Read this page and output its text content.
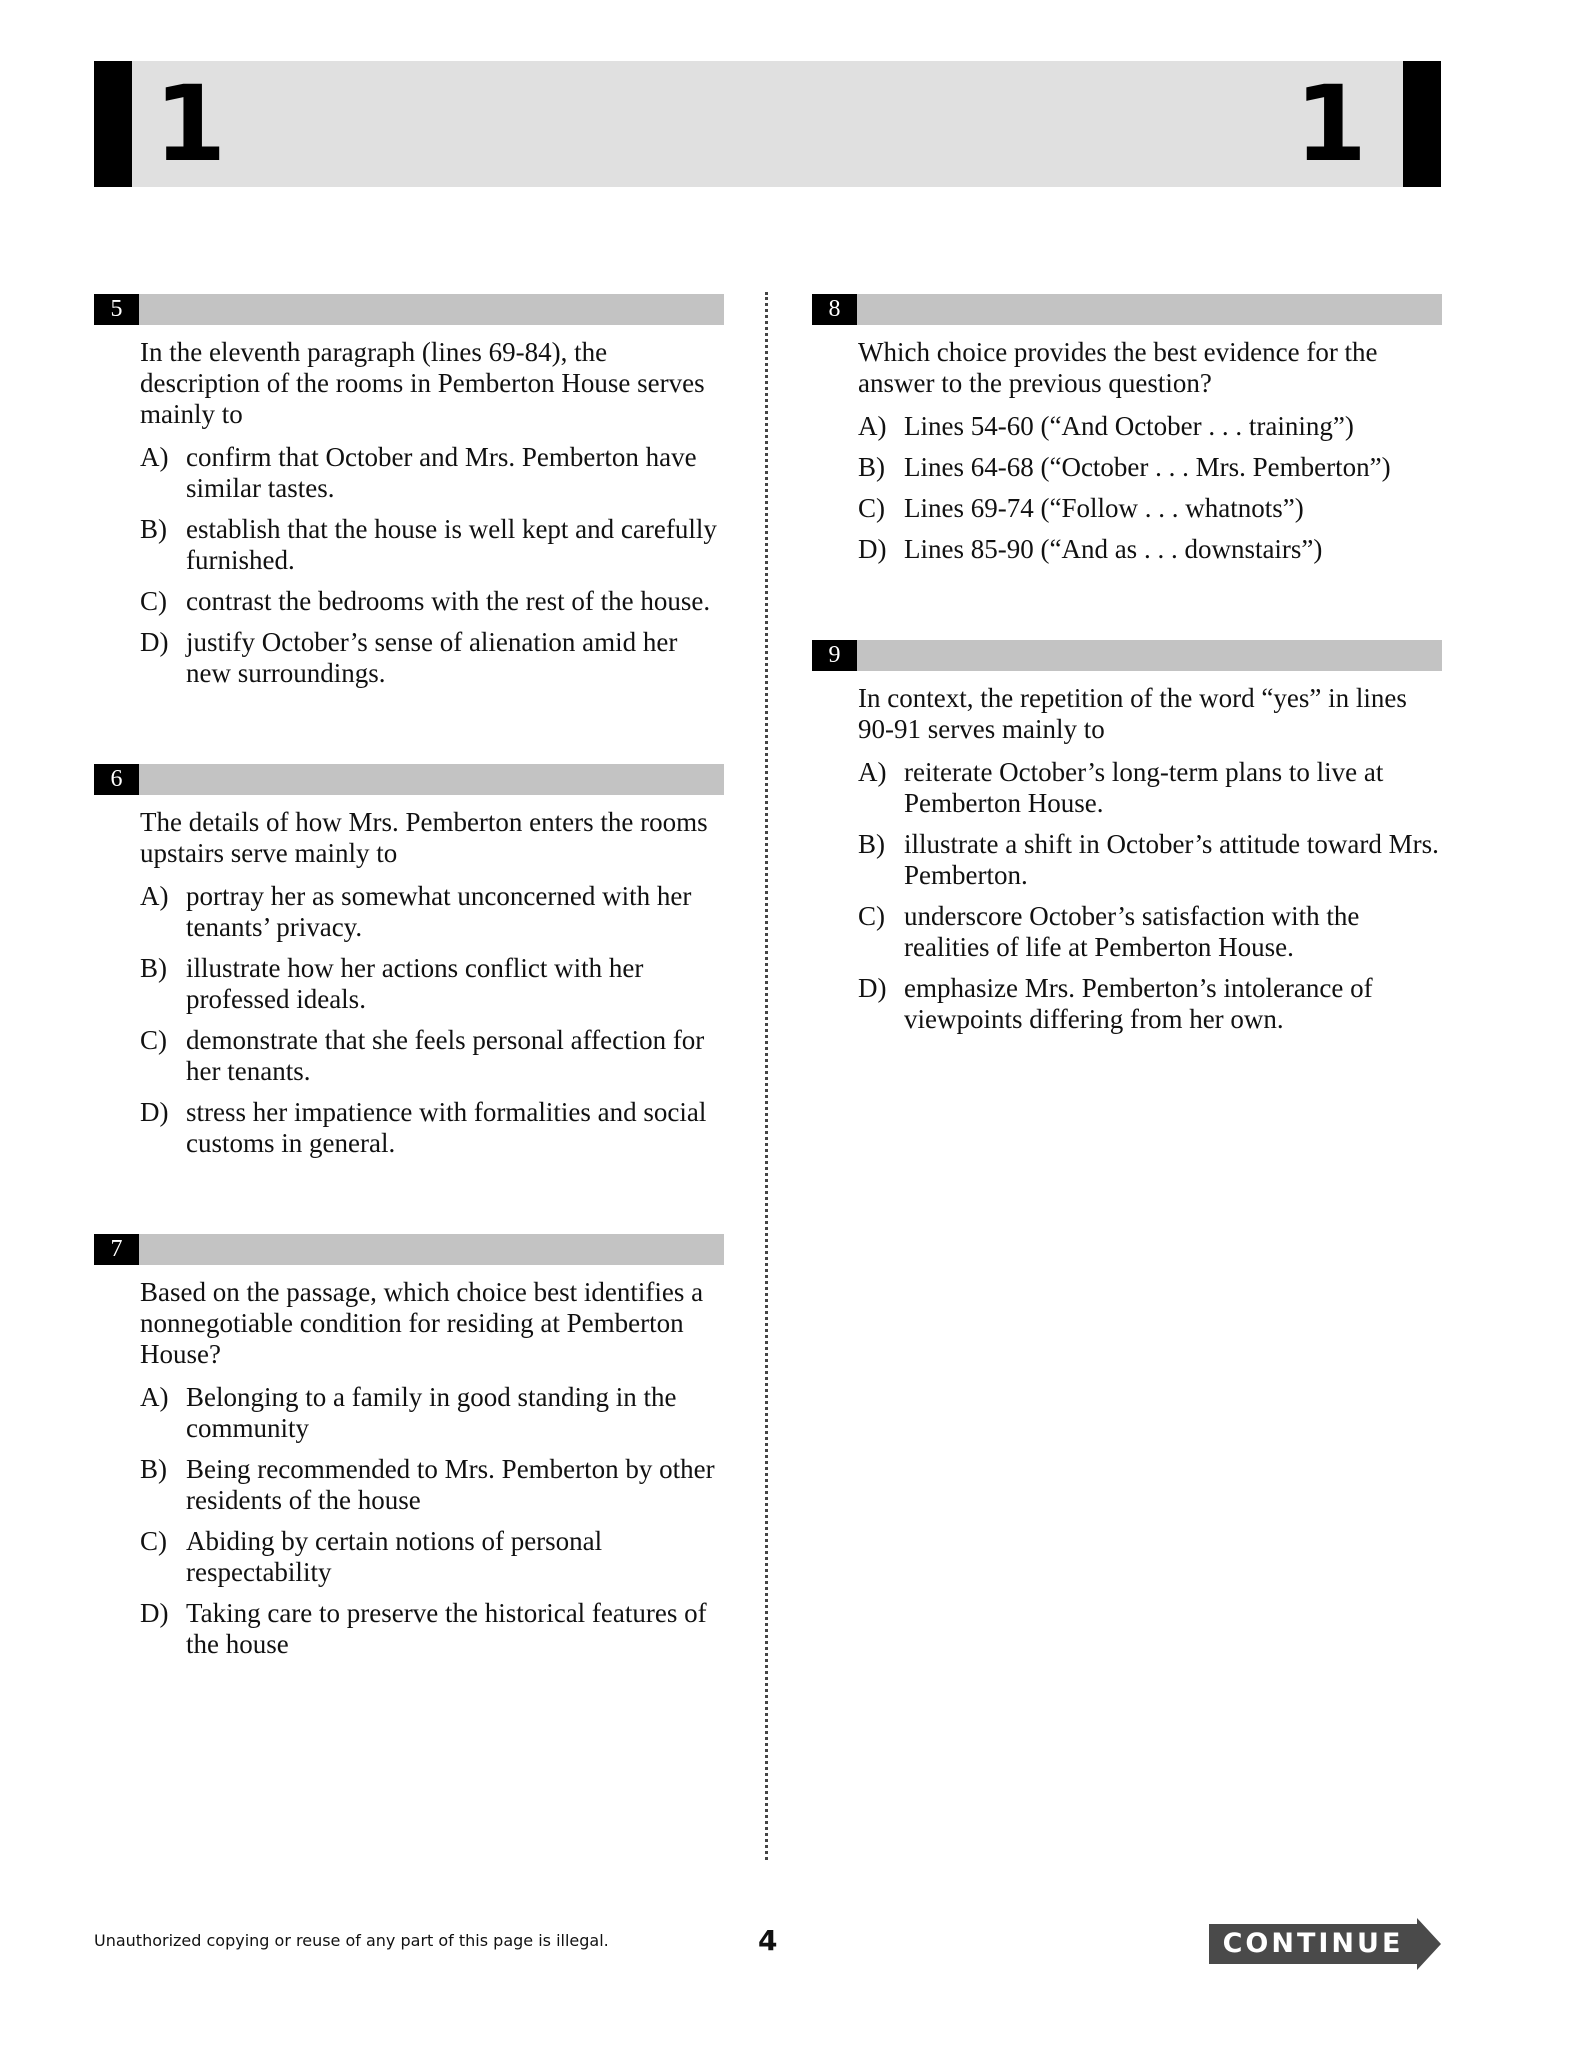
1	1
5

In the eleventh paragraph (lines 69-84), the description of the rooms in Pemberton House serves mainly to

A) confirm that October and Mrs. Pemberton have similar tastes.
B) establish that the house is well kept and carefully furnished.
C) contrast the bedrooms with the rest of the house.
D) justify October’s sense of alienation amid her new surroundings.
6

The details of how Mrs. Pemberton enters the rooms upstairs serve mainly to

A) portray her as somewhat unconcerned with her tenants’ privacy.
B) illustrate how her actions conflict with her professed ideals.
C) demonstrate that she feels personal affection for her tenants.
D) stress her impatience with formalities and social customs in general.
7

Based on the passage, which choice best identifies a nonnegotiable condition for residing at Pemberton House?

A) Belonging to a family in good standing in the community
B) Being recommended to Mrs. Pemberton by other residents of the house
C) Abiding by certain notions of personal respectability
D) Taking care to preserve the historical features of the house
8

Which choice provides the best evidence for the answer to the previous question?

A) Lines 54-60 (“And October . . . training”)
B) Lines 64-68 (“October . . . Mrs. Pemberton”)
C) Lines 69-74 (“Follow . . . whatnots”)
D) Lines 85-90 (“And as . . . downstairs”)
9

In context, the repetition of the word “yes” in lines 90-91 serves mainly to

A) reiterate October’s long-term plans to live at Pemberton House.
B) illustrate a shift in October’s attitude toward Mrs. Pemberton.
C) underscore October’s satisfaction with the realities of life at Pemberton House.
D) emphasize Mrs. Pemberton’s intolerance of viewpoints differing from her own.
Unauthorized copying or reuse of any part of this page is illegal.	4	CONTINUE
